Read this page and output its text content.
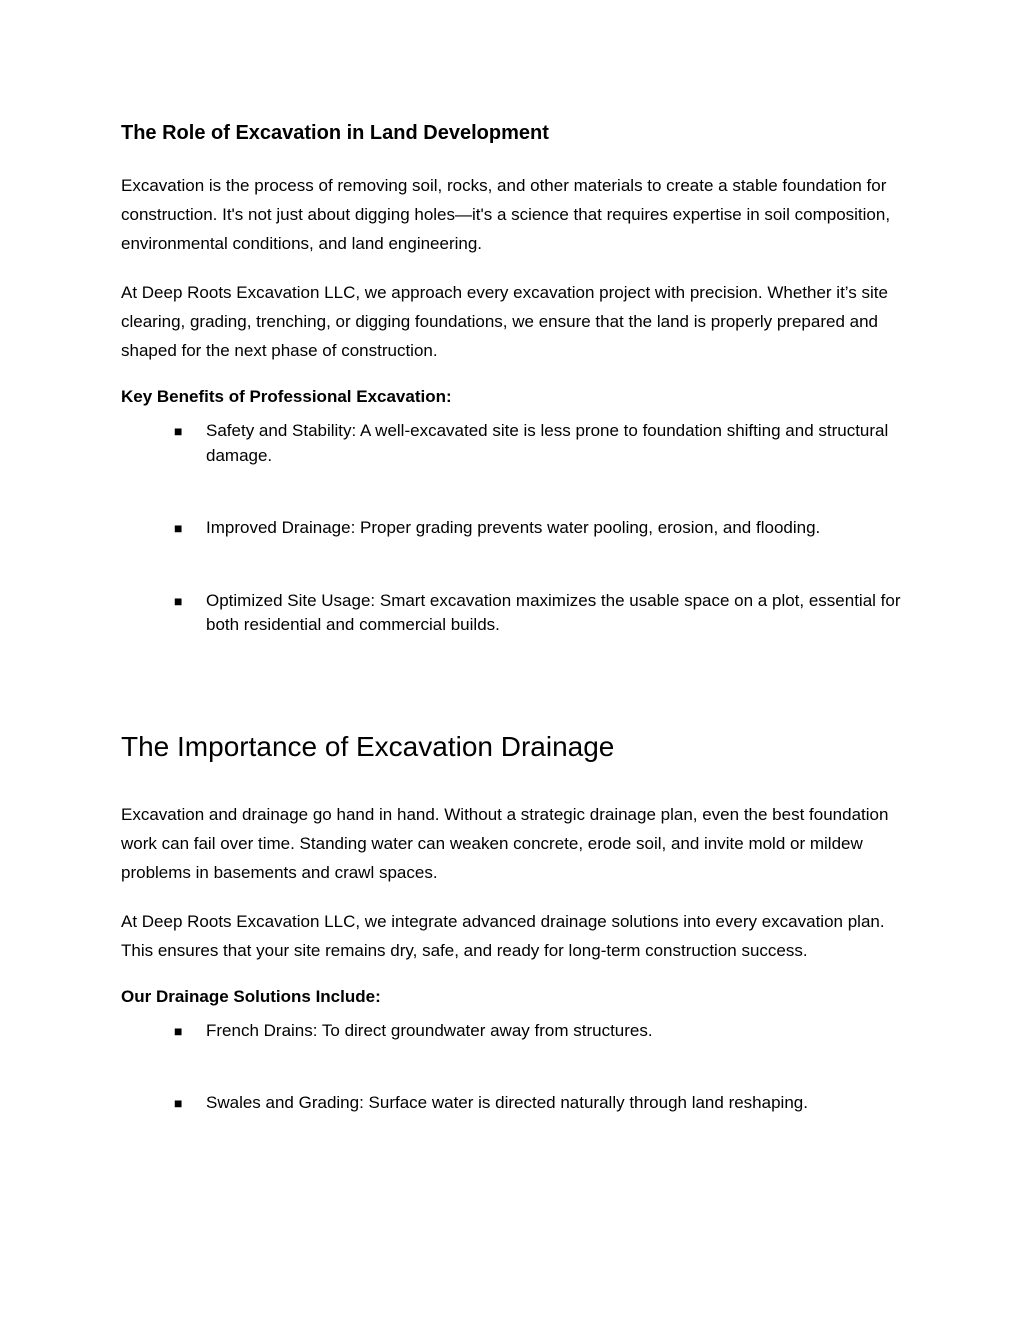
The Role of Excavation in Land Development

Excavation is the process of removing soil, rocks, and other materials to create a stable foundation for construction. It's not just about digging holes—it's a science that requires expertise in soil composition, environmental conditions, and land engineering.

At Deep Roots Excavation LLC, we approach every excavation project with precision. Whether it’s site clearing, grading, trenching, or digging foundations, we ensure that the land is properly prepared and shaped for the next phase of construction.

Key Benefits of Professional Excavation:
■ Safety and Stability: A well-excavated site is less prone to foundation shifting and structural damage.
■ Improved Drainage: Proper grading prevents water pooling, erosion, and flooding.
■ Optimized Site Usage: Smart excavation maximizes the usable space on a plot, essential for both residential and commercial builds.
The Importance of Excavation Drainage

Excavation and drainage go hand in hand. Without a strategic drainage plan, even the best foundation work can fail over time. Standing water can weaken concrete, erode soil, and invite mold or mildew problems in basements and crawl spaces.

At Deep Roots Excavation LLC, we integrate advanced drainage solutions into every excavation plan. This ensures that your site remains dry, safe, and ready for long-term construction success.

Our Drainage Solutions Include:
■ French Drains: To direct groundwater away from structures.
■ Swales and Grading: Surface water is directed naturally through land reshaping.
